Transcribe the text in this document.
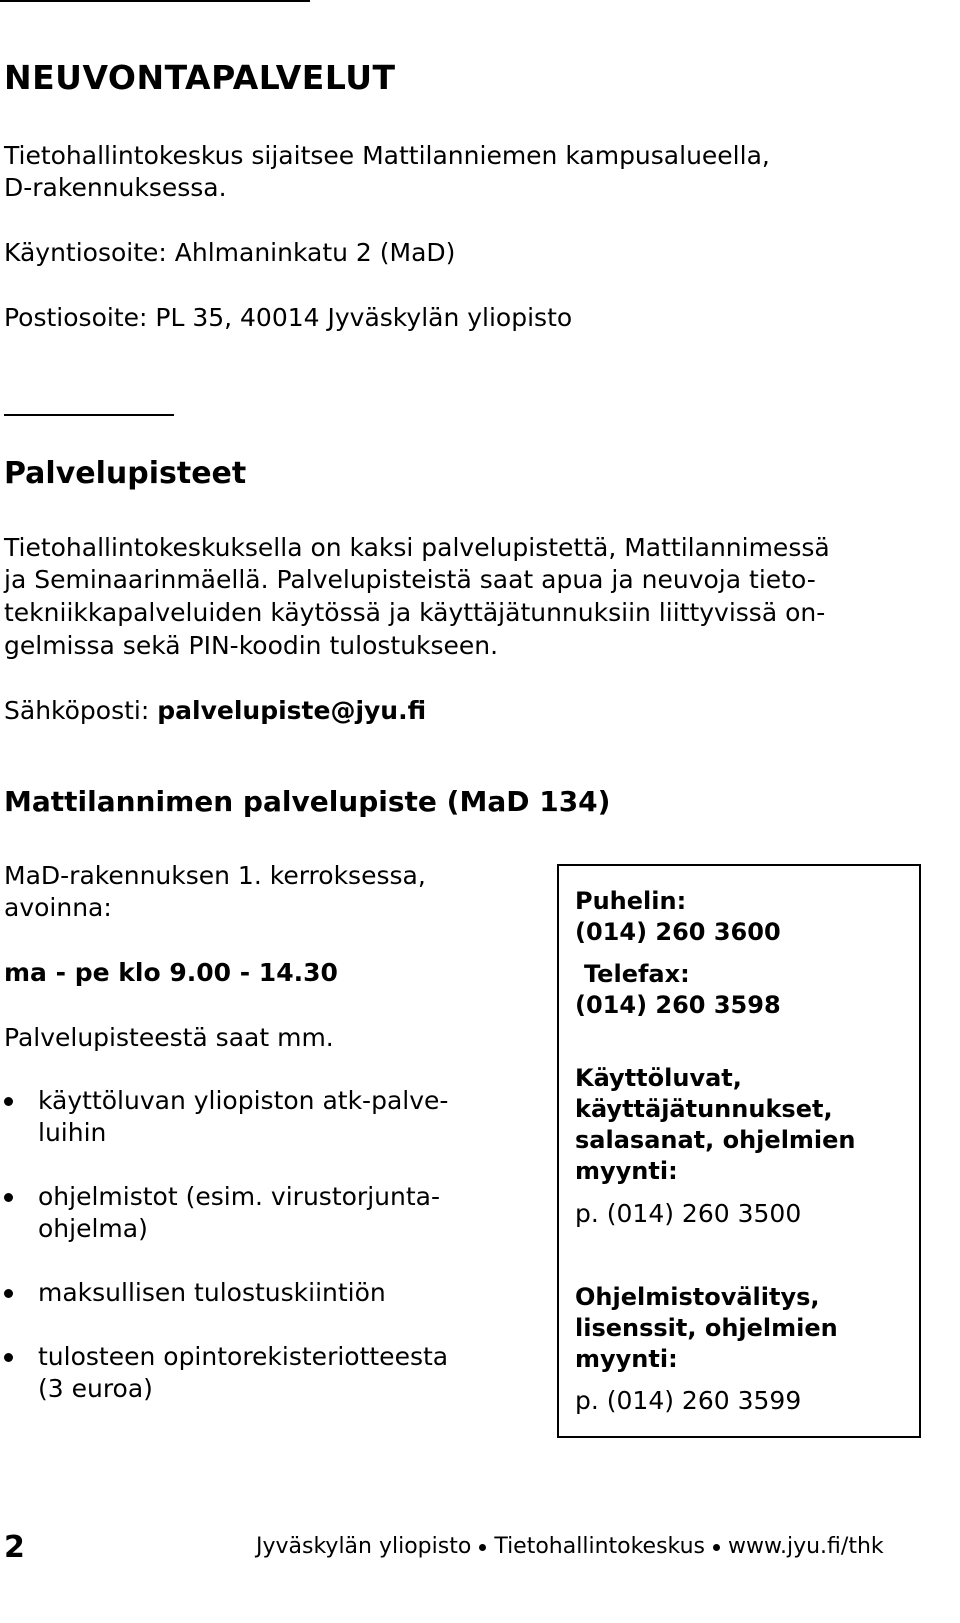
NEUVONTAPALVELUT

Tietohallintokeskus sijaitsee Mattilanniemen kampusalueella,

D-rakennuksessa.

Käyntiosoite: Ahlmaninkatu 2 (MaD)

Postiosoite: PL 35, 40014 Jyväskylän yliopisto

Palvelupisteet

Tietohallintokeskuksella on kaksi palvelupistettä, Mattilannimessä

ja Seminaarinmäellä. Palvelupisteistä saat apua ja neuvoja tieto-

tekniikkapalveluiden käytössä ja käyttäjätunnuksiin liittyvissä on-

gelmissa sekä PIN-koodin tulostukseen.

Sähköposti: palvelupiste@jyu.fi

Mattilannimen palvelupiste (MaD 134)

MaD-rakennuksen 1. kerroksessa,

avoinna:

ma - pe klo 9.00 - 14.30

Palvelupisteestä saat mm.

käyttöluvan yliopiston atk-palve-
luihin
ohjelmistot (esim. virustorjunta-
ohjelma)
maksullisen tulostuskiintiön
tulosteen opintorekisteriotteesta
(3 euroa)

Puhelin:

(014) 260 3600

Telefax:

(014) 260 3598

Käyttöluvat,

käyttäjätunnukset,

salasanat, ohjelmien

myynti:

p. (014) 260 3500

Ohjelmistovälitys,

lisenssit, ohjelmien

myynti:

p. (014) 260 3599

2	Jyväskylän yliopisto Tietohallintokeskus www.jyu.fi/thk
